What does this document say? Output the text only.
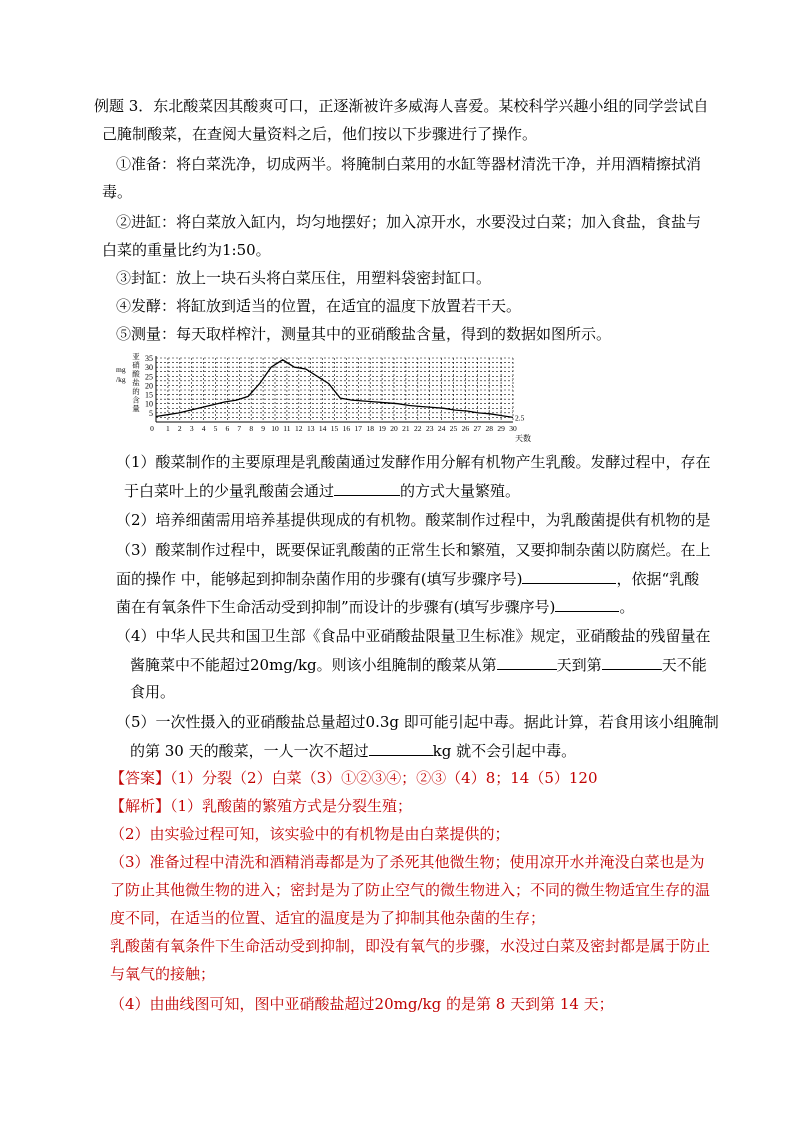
例题 3．东北酸菜因其酸爽可口，正逐渐被许多威海人喜爱。某校科学兴趣小组的同学尝试自
己腌制酸菜，在查阅大量资料之后，他们按以下步骤进行了操作。
①准备：将白菜洗净，切成两半。将腌制白菜用的水缸等器材清洗干净，并用酒精擦拭消
毒。
②进缸：将白菜放入缸内，均匀地摆好；加入凉开水，水要没过白菜；加入食盐，食盐与
白菜的重量比约为1:50。
③封缸：放上一块石头将白菜压住，用塑料袋密封缸口。
④发酵：将缸放到适当的位置，在适宜的温度下放置若干天。
⑤测量：每天取样榨汁，测量其中的亚硝酸盐含量，得到的数据如图所示。
5
10
15
20
25
30
35
0 1 2 3 4 5 6 7 8 9 10 11 12 13 14 15 16 17 18 19 20 21 22 23 24 25 26 27 28 29 30
2.5
天数
mg
/kg
亚
硝
酸
盐
的
含
量
（1）酸菜制作的主要原理是乳酸菌通过发酵作用分解有机物产生乳酸。发酵过程中，存在
于白菜叶上的少量乳酸菌会通过	的方式大量繁殖。
（2）培养细菌需用培养基提供现成的有机物。酸菜制作过程中，为乳酸菌提供有机物的是
（3）酸菜制作过程中，既要保证乳酸菌的正常生长和繁殖，又要抑制杂菌以防腐烂。在上
面的操作 中，能够起到抑制杂菌作用的步骤有(填写步骤序号)	，依据“乳酸
菌在有氧条件下生命活动受到抑制”而设计的步骤有(填写步骤序号)	。
（4）中华人民共和国卫生部《食品中亚硝酸盐限量卫生标准》规定，亚硝酸盐的残留量在
酱腌菜中不能超过20mg/kg。则该小组腌制的酸菜从第	天到第	天不能
食用。
（5）一次性摄入的亚硝酸盐总量超过0.3g 即可能引起中毒。据此计算，若食用该小组腌制
的第 30 天的酸菜，一人一次不超过	kg 就不会引起中毒。
【答案】（1）分裂（2）白菜（3）①②③④；②③（4）8；14（5）120
【解析】（1）乳酸菌的繁殖方式是分裂生殖；
（2）由实验过程可知，该实验中的有机物是由白菜提供的；
（3）准备过程中清洗和酒精消毒都是为了杀死其他微生物；使用凉开水并淹没白菜也是为
了防止其他微生物的进入；密封是为了防止空气的微生物进入；不同的微生物适宜生存的温
度不同，在适当的位置、适宜的温度是为了抑制其他杂菌的生存；
乳酸菌有氧条件下生命活动受到抑制，即没有氧气的步骤，水没过白菜及密封都是属于防止
与氧气的接触；
（4）由曲线图可知，图中亚硝酸盐超过20mg/kg 的是第 8 天到第 14 天；
